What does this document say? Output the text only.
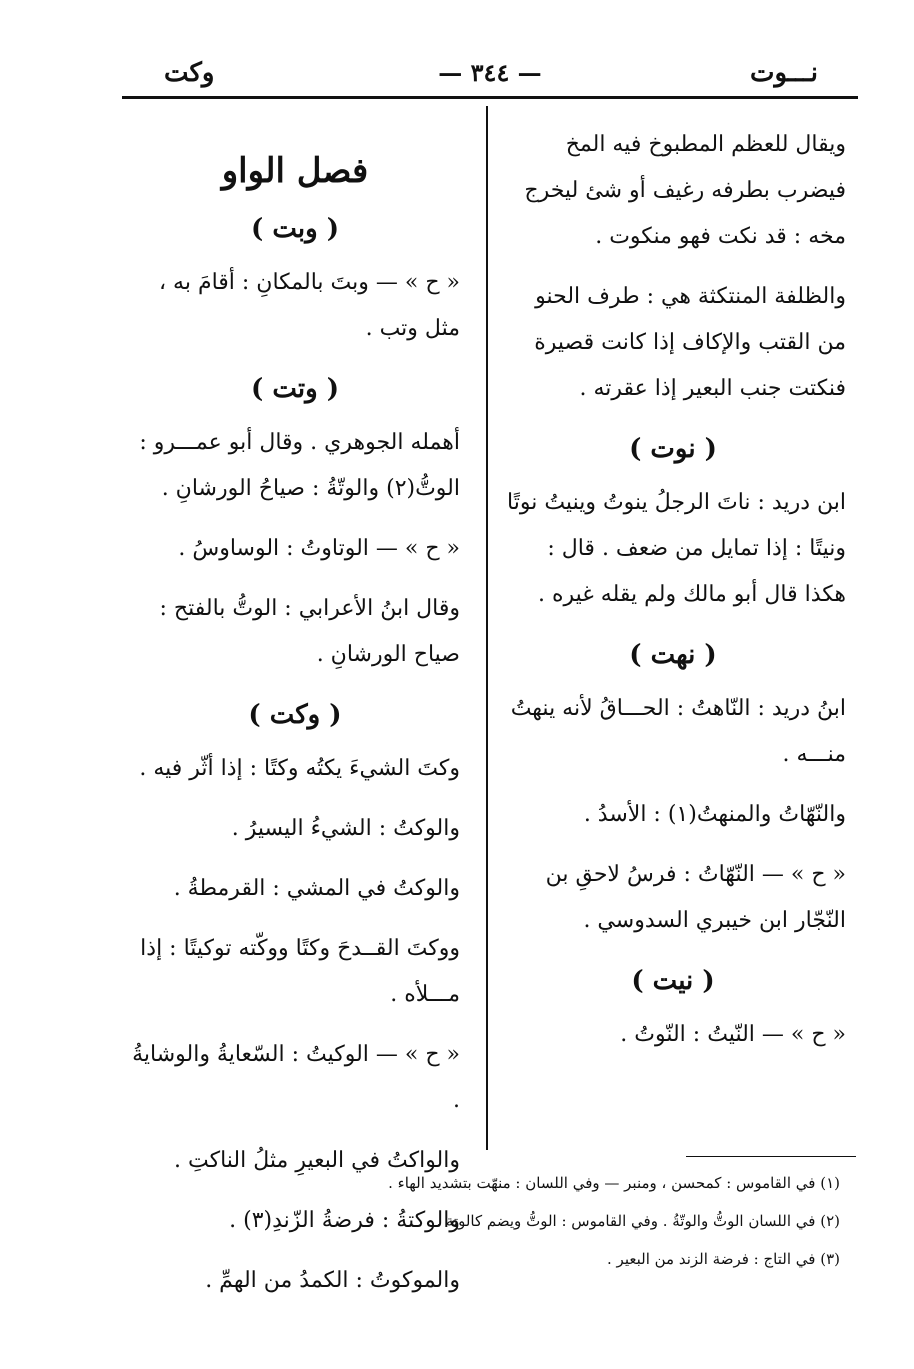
نـــوت
— ٣٤٤ —
وكت
ويقال للعظم المطبوخ فيه المخ فيضرب بطرفه رغيف أو شئ ليخرج مخه : قد نكت فهو منكوت .
والظلفة المنتكثة هي : طرف الحنو من القتب والإكاف إذا كانت قصيرة فنكتت جنب البعير إذا عقرته .
( نوت )
ابن دريد : ناتَ الرجلُ ينوتُ وينيتُ نوتًا ونيتًا : إذا تمايل من ضعف . قال : هكذا قال أبو مالك ولم يقله غيره .
( نهت )
ابنُ دريد : النّاهتُ : الحـــاقُ لأنه ينهتُ منـــه .
والنّهّاتُ والمنهتُ(١) : الأسدُ .
« ح » — النّهّاتُ : فرسُ لاحقِ بن النّجّار ابن خيبري السدوسي .
( نيت )
« ح » — النّيتُ : النّوتُ .
فصل الواو
( وبت )
« ح » — وبتَ بالمكانِ : أقامَ به ، مثل وتب .
( وتت )
أهمله الجوهري . وقال أبو عمـــرو : الوتُّ(٢) والوتّةُ : صياحُ الورشانِ .
« ح » — الوتاوتُ : الوساوسُ .
وقال ابنُ الأعرابي : الوتُّ بالفتح : صياح الورشانِ .
( وكت )
وكتَ الشيءَ يكتُه وكتًا : إذا أثّر فيه .
والوكتُ : الشيءُ اليسيرُ .
والوكتُ في المشي : القرمطةُ .
ووكتَ القــدحَ وكتًا ووكّته توكيتًا : إذا مـــلأه .
« ح » — الوكيتُ : السّعايةُ والوشايةُ .
والواكتُ في البعيرِ مثلُ الناكتِ .
والوكتةُ : فرضةُ الزّندِ(٣) .
والموكوتُ : الكمدُ من الهمِّ .
(١) في القاموس : كمحسن ، ومنبر — وفي اللسان : منهّت بتشديد الهاء .
(٢) في اللسان الوتُّ والوتّةُ . وفي القاموس : الوتُّ ويضم كالوتة .
(٣) في التاج : فرضة الزند من البعير .
